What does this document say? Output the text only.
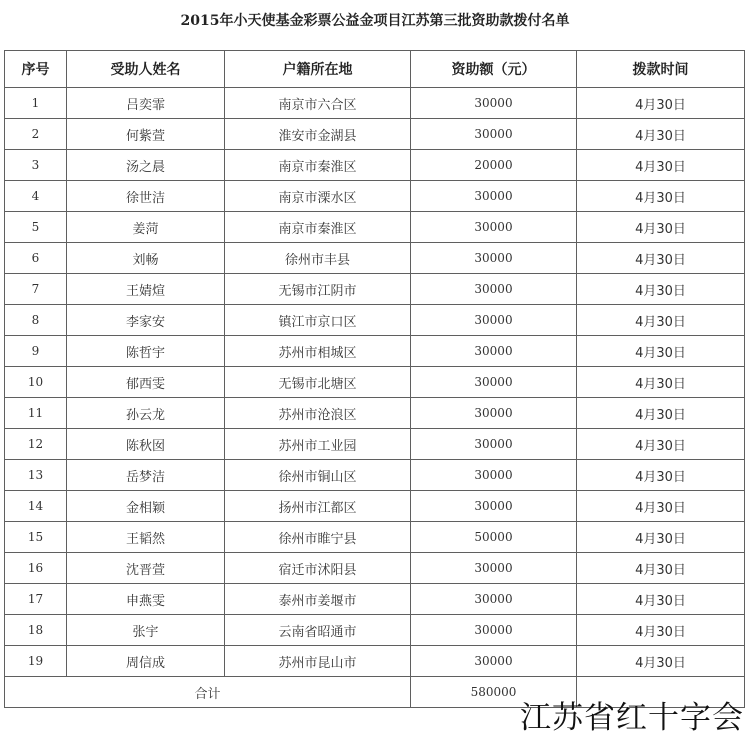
2015年小天使基金彩票公益金项目江苏第三批资助款拨付名单
序号	受助人姓名	户籍所在地	资助额（元）	拨款时间
1	吕奕霏	南京市六合区	30000	4月30日
2	何紫萱	淮安市金湖县	30000	4月30日
3	汤之晨	南京市秦淮区	20000	4月30日
4	徐世洁	南京市溧水区	30000	4月30日
5	姜菏	南京市秦淮区	30000	4月30日
6	刘畅	徐州市丰县	30000	4月30日
7	王婧煊	无锡市江阴市	30000	4月30日
8	李家安	镇江市京口区	30000	4月30日
9	陈哲宇	苏州市相城区	30000	4月30日
10	郁西雯	无锡市北塘区	30000	4月30日
11	孙云龙	苏州市沧浪区	30000	4月30日
12	陈秋囡	苏州市工业园	30000	4月30日
13	岳梦洁	徐州市铜山区	30000	4月30日
14	金相颖	扬州市江都区	30000	4月30日
15	王韬然	徐州市睢宁县	50000	4月30日
16	沈晋萱	宿迁市沭阳县	30000	4月30日
17	申燕雯	泰州市姜堰市	30000	4月30日
18	张宇	云南省昭通市	30000	4月30日
19	周信成	苏州市昆山市	30000	4月30日
合计			580000	
江苏省红十字会
